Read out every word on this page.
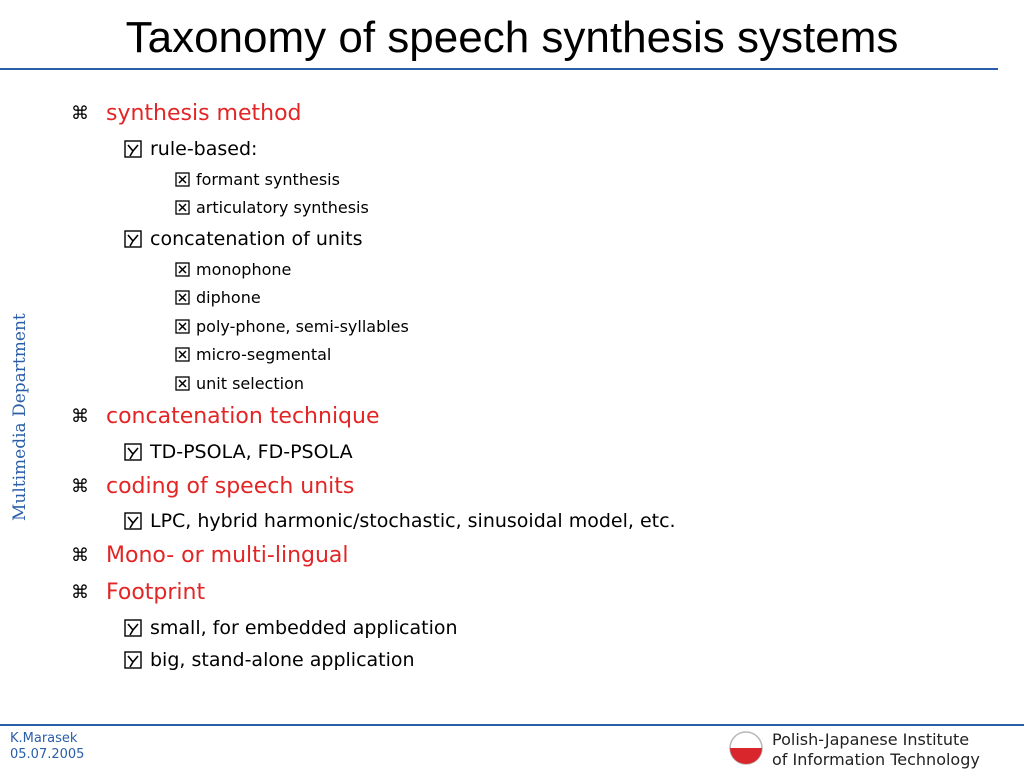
Taxonomy of speech synthesis systems
Multimedia Department
⌘ synthesis method
rule-based:
formant synthesis
articulatory synthesis
concatenation of units
monophone
diphone
poly-phone, semi-syllables
micro-segmental
unit selection
⌘ concatenation technique
TD-PSOLA, FD-PSOLA
⌘ coding of speech units
LPC, hybrid harmonic/stochastic, sinusoidal model, etc.
⌘ Mono- or multi-lingual
⌘ Footprint
small, for embedded application
big, stand-alone application
K.Marasek
05.07.2005
Polish-Japanese Institute
of Information Technology
